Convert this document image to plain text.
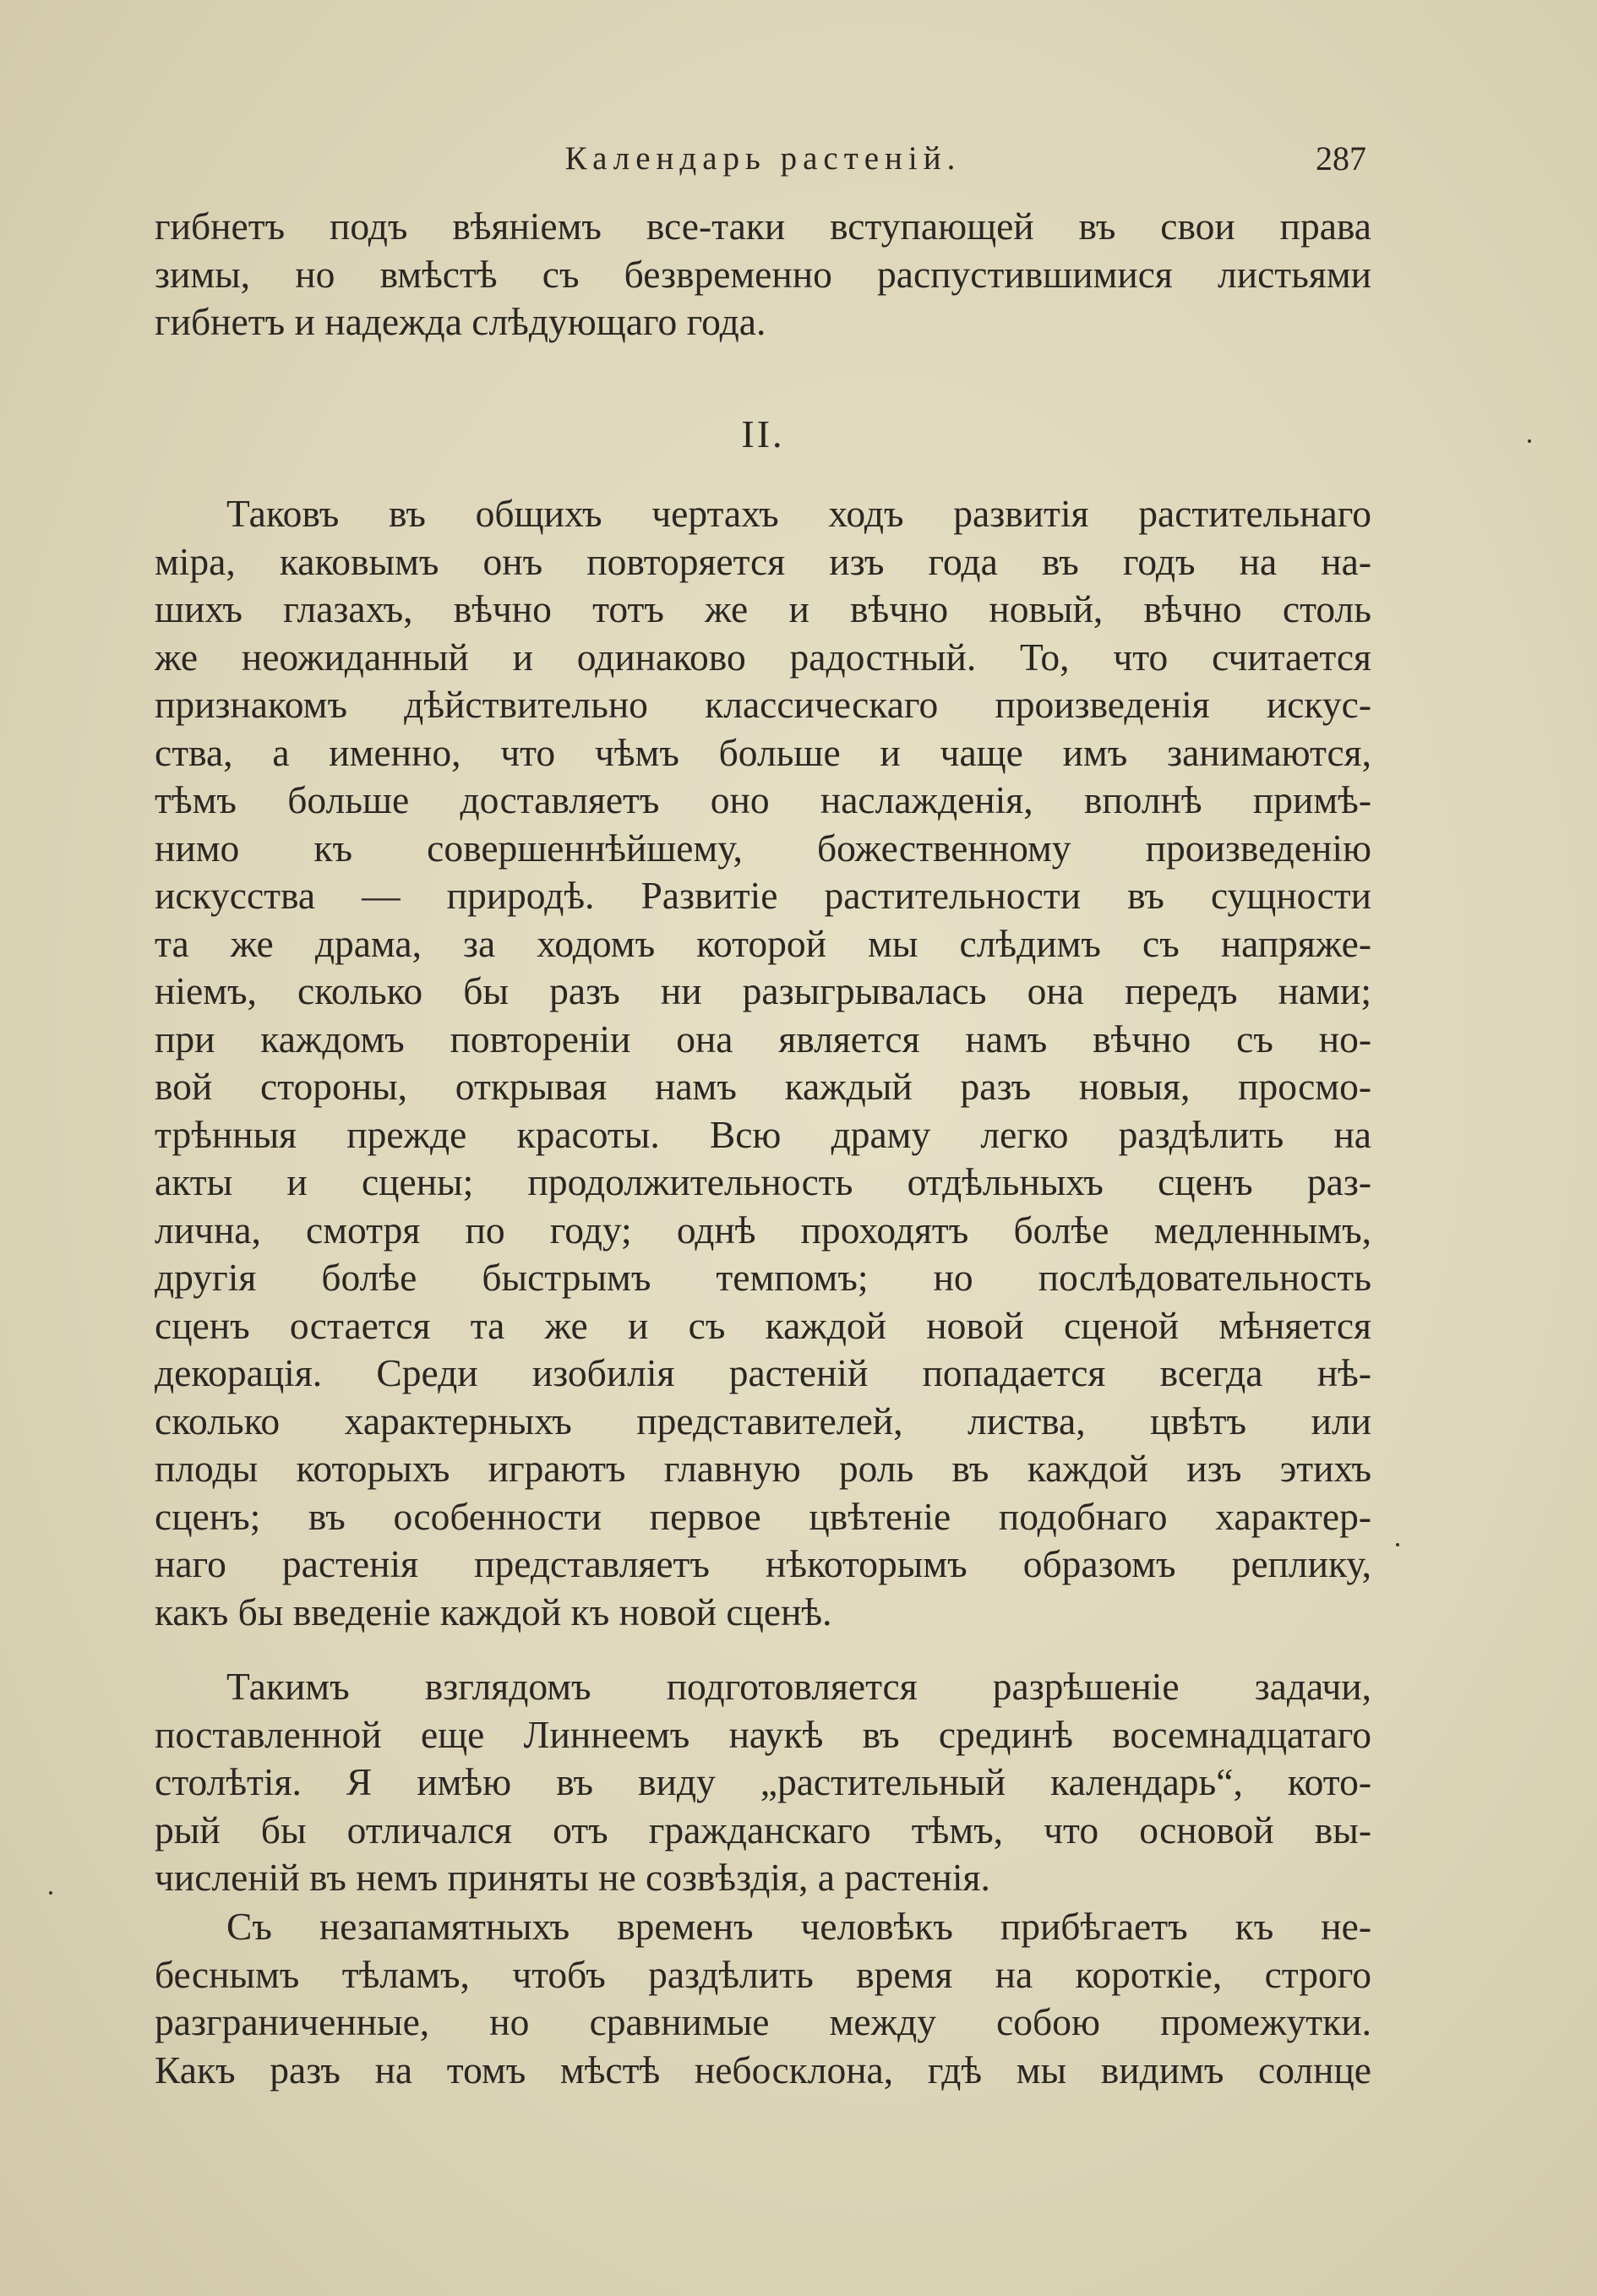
Календарь растеній.	287
гибнетъ подъ вѣяніемъ все-таки вступающей въ свои права
зимы, но вмѣстѣ съ безвременно распустившимися листьями
гибнетъ и надежда слѣдующаго года.
II.
Таковъ въ общихъ чертахъ ходъ развитія растительнаго
міра, каковымъ онъ повторяется изъ года въ годъ на на-
шихъ глазахъ, вѣчно тотъ же и вѣчно новый, вѣчно столь
же неожиданный и одинаково радостный. То, что считается
признакомъ дѣйствительно классическаго произведенія искус-
ства, а именно, что чѣмъ больше и чаще имъ занимаются,
тѣмъ больше доставляетъ оно наслажденія, вполнѣ примѣ-
нимо къ совершеннѣйшему, божественному произведенію
искусства — природѣ. Развитіе растительности въ сущности
та же драма, за ходомъ которой мы слѣдимъ съ напряже-
ніемъ, сколько бы разъ ни разыгрывалась она передъ нами;
при каждомъ повтореніи она является намъ вѣчно съ но-
вой стороны, открывая намъ каждый разъ новыя, просмо-
трѣнныя прежде красоты. Всю драму легко раздѣлить на
акты и сцены; продолжительность отдѣльныхъ сценъ раз-
лична, смотря по году; однѣ проходятъ болѣе медленнымъ,
другія болѣе быстрымъ темпомъ; но послѣдовательность
сценъ остается та же и съ каждой новой сценой мѣняется
декорація. Среди изобилія растеній попадается всегда нѣ-
сколько характерныхъ представителей, листва, цвѣтъ или
плоды которыхъ играютъ главную роль въ каждой изъ этихъ
сценъ; въ особенности первое цвѣтеніе подобнаго характер-
наго растенія представляетъ нѣкоторымъ образомъ реплику,
какъ бы введеніе каждой къ новой сценѣ.
Такимъ взглядомъ подготовляется разрѣшеніе задачи,
поставленной еще Линнеемъ наукѣ въ срединѣ восемнадцатаго
столѣтія. Я имѣю въ виду „растительный календарь“, кото-
рый бы отличался отъ гражданскаго тѣмъ, что основой вы-
численій въ немъ приняты не созвѣздія, а растенія.
Съ незапамятныхъ временъ человѣкъ прибѣгаетъ къ не-
беснымъ тѣламъ, чтобъ раздѣлить время на короткіе, строго
разграниченные, но сравнимые между собою промежутки.
Какъ разъ на томъ мѣстѣ небосклона, гдѣ мы видимъ солнце
